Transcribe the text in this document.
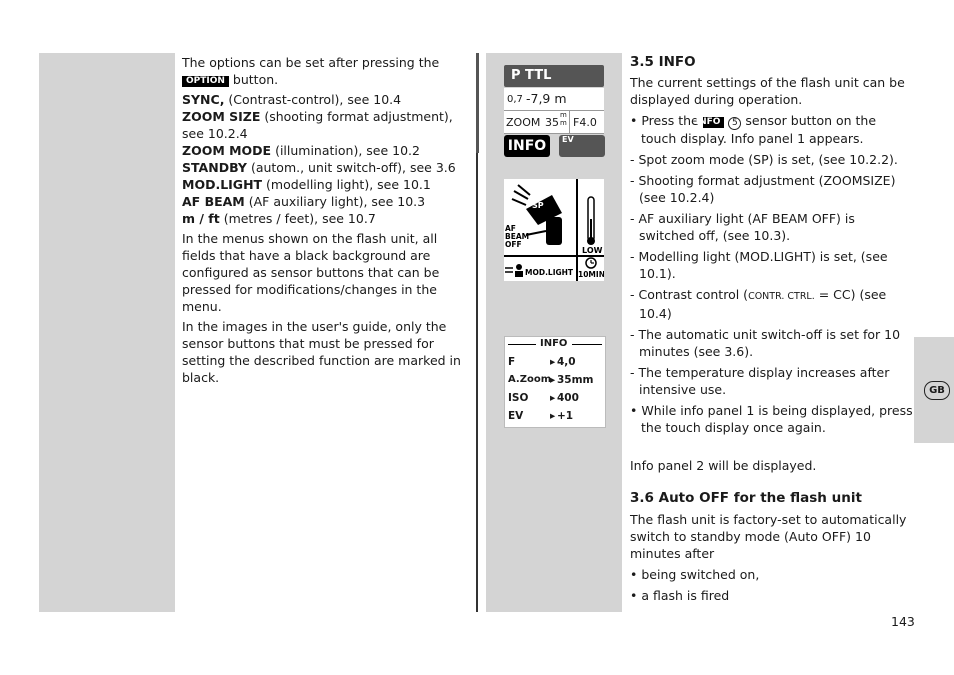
GB

The options can be set after pressing the
OPTION button.

SYNC, (Contrast-control), see 10.4

ZOOM SIZE (shooting format adjustment), see 10.2.4

ZOOM MODE (illumination), see 10.2

STANDBY (autom., unit switch-off), see 3.6

MOD.LIGHT (modelling light), see 10.1

AF BEAM (AF auxiliary light), see 10.3

m / ft (metres / feet), see 10.7

In the menus shown on the flash unit, all fields that have a black background are configured as sensor buttons that can be pressed for modifications/changes in the menu.

In the images in the user's guide, only the sensor buttons that must be pressed for setting the described function are marked in black.

P TTL
0,7 -7,9 m
ZOOM 35
m
m F4.0
INFO	EV
SP
AF
BEAM
OFF
LOW
MOD.LIGHT 10MIN
INFO
F	▸ 4,0
A.Zoom
▸ 35mm
ISO ▸ 400
EV	▸ +1

3.5 INFO

The current settings of the flash unit can be displayed during operation.

• Press the INFO 5 sensor button on the touch display. Info panel 1 appears.

- Spot zoom mode (SP) is set, (see 10.2.2).

- Shooting format adjustment (ZOOMSIZE) (see 10.2.4)

- AF auxiliary light (AF BEAM OFF) is switched off, (see 10.3).

- Modelling light (MOD.LIGHT) is set, (see 10.1).

- Contrast control (CONTR. CTRL. = CC) (see 10.4)

- The automatic unit switch-off is set for 10 minutes (see 3.6).

- The temperature display increases after intensive use.

• While info panel 1 is being displayed, press the touch display once again.

Info panel 2 will be displayed.

3.6 Auto OFF for the flash unit

The flash unit is factory-set to automatically switch to standby mode (Auto OFF) 10 minutes after

• being switched on,

• a flash is fired

143
